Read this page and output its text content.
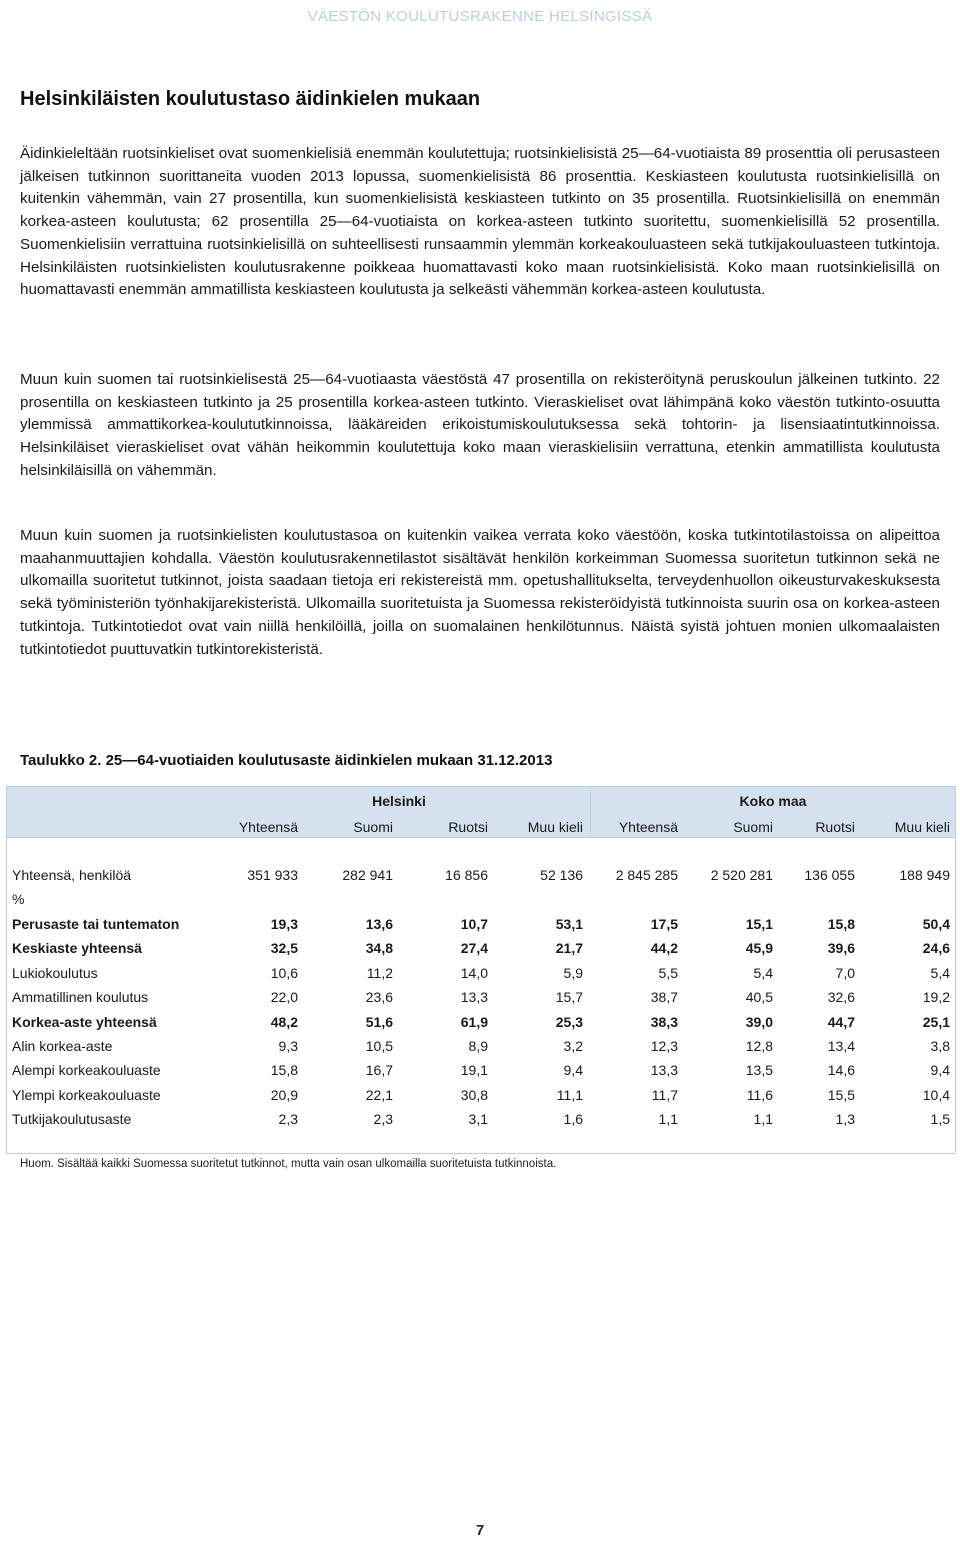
VÄESTÖN KOULUTUSRAKENNE HELSINGISSÄ
Helsinkiläisten koulutustaso äidinkielen mukaan

Äidinkieleltään ruotsinkieliset ovat suomenkielisiä enemmän koulutettuja; ruotsinkielisistä 25—64-vuotiaista 89 prosenttia oli perusasteen jälkeisen tutkinnon suorittaneita vuoden 2013 lopussa, suomenkielisistä 86 prosenttia. Keskiasteen koulutusta ruotsinkielisillä on kuitenkin vähemmän, vain 27 prosentilla, kun suomenkielisistä keskiasteen tutkinto on 35 prosentilla. Ruotsinkielisillä on enemmän korkea-asteen koulutusta; 62 prosentilla 25—64-vuotiaista on korkea-asteen tutkinto suoritettu, suomenkielisillä 52 prosentilla. Suomenkielisiin verrattuina ruotsinkielisillä on suhteellisesti runsaammin ylemmän korkeakouluasteen sekä tutkijakouluasteen tutkintoja. Helsinkiläisten ruotsinkielisten koulutusrakenne poikkeaa huomattavasti koko maan ruotsinkielisistä. Koko maan ruotsinkielisillä on huomattavasti enemmän ammatillista keskiasteen koulutusta ja selkeästi vähemmän korkea-asteen koulutusta.

Muun kuin suomen tai ruotsinkielisestä 25—64-vuotiaasta väestöstä 47 prosentilla on rekisteröitynä peruskoulun jälkeinen tutkinto. 22 prosentilla on keskiasteen tutkinto ja 25 prosentilla korkea-asteen tutkinto. Vieraskieliset ovat lähimpänä koko väestön tutkinto-osuutta ylemmissä ammattikorkea-koulututkinnoissa, lääkäreiden erikoistumiskoulutuksessa sekä tohtorin- ja lisensiaatintutkinnoissa. Helsinkiläiset vieraskieliset ovat vähän heikommin koulutettuja koko maan vieraskielisiin verrattuna, etenkin ammatillista koulutusta helsinkiläisillä on vähemmän.

Muun kuin suomen ja ruotsinkielisten koulutustasoa on kuitenkin vaikea verrata koko väestöön, koska tutkintotilastoissa on alipeittoa maahanmuuttajien kohdalla. Väestön koulutusrakennetilastot sisältävät henkilön korkeimman Suomessa suoritetun tutkinnon sekä ne ulkomailla suoritetut tutkinnot, joista saadaan tietoja eri rekistereistä mm. opetushallitukselta, terveydenhuollon oikeusturvakeskuksesta sekä työministeriön työnhakijarekisteristä. Ulkomailla suoritetuista ja Suomessa rekisteröidyistä tutkinnoista suurin osa on korkea-asteen tutkintoja. Tutkintotiedot ovat vain niillä henkilöillä, joilla on suomalainen henkilötunnus. Näistä syistä johtuen monien ulkomaalaisten tutkintotiedot puuttuvatkin tutkintorekisteristä.

Taulukko 2. 25—64-vuotiaiden koulutusaste äidinkielen mukaan 31.12.2013

Helsinki	Koko maa
Yhteensä	Suomi	Ruotsi	Muu kieli	Yhteensä	Suomi	Ruotsi	Muu kieli
Yhteensä, henkilöä	351 933	282 941	16 856	52 136	2 845 285	2 520 281	136 055	188 949
%
Perusaste tai tuntematon	19,3	13,6	10,7	53,1	17,5	15,1	15,8	50,4
Keskiaste yhteensä	32,5	34,8	27,4	21,7	44,2	45,9	39,6	24,6
Lukiokoulutus	10,6	11,2	14,0	5,9	5,5	5,4	7,0	5,4
Ammatillinen koulutus	22,0	23,6	13,3	15,7	38,7	40,5	32,6	19,2
Korkea-aste yhteensä	48,2	51,6	61,9	25,3	38,3	39,0	44,7	25,1
Alin korkea-aste	9,3	10,5	8,9	3,2	12,3	12,8	13,4	3,8
Alempi korkeakouluaste	15,8	16,7	19,1	9,4	13,3	13,5	14,6	9,4
Ylempi korkeakouluaste	20,9	22,1	30,8	11,1	11,7	11,6	15,5	10,4
Tutkijakoulutusaste	2,3	2,3	3,1	1,6	1,1	1,1	1,3	1,5

Huom. Sisältää kaikki Suomessa suoritetut tutkinnot, mutta vain osan ulkomailla suoritetuista tutkinnoista.

7
